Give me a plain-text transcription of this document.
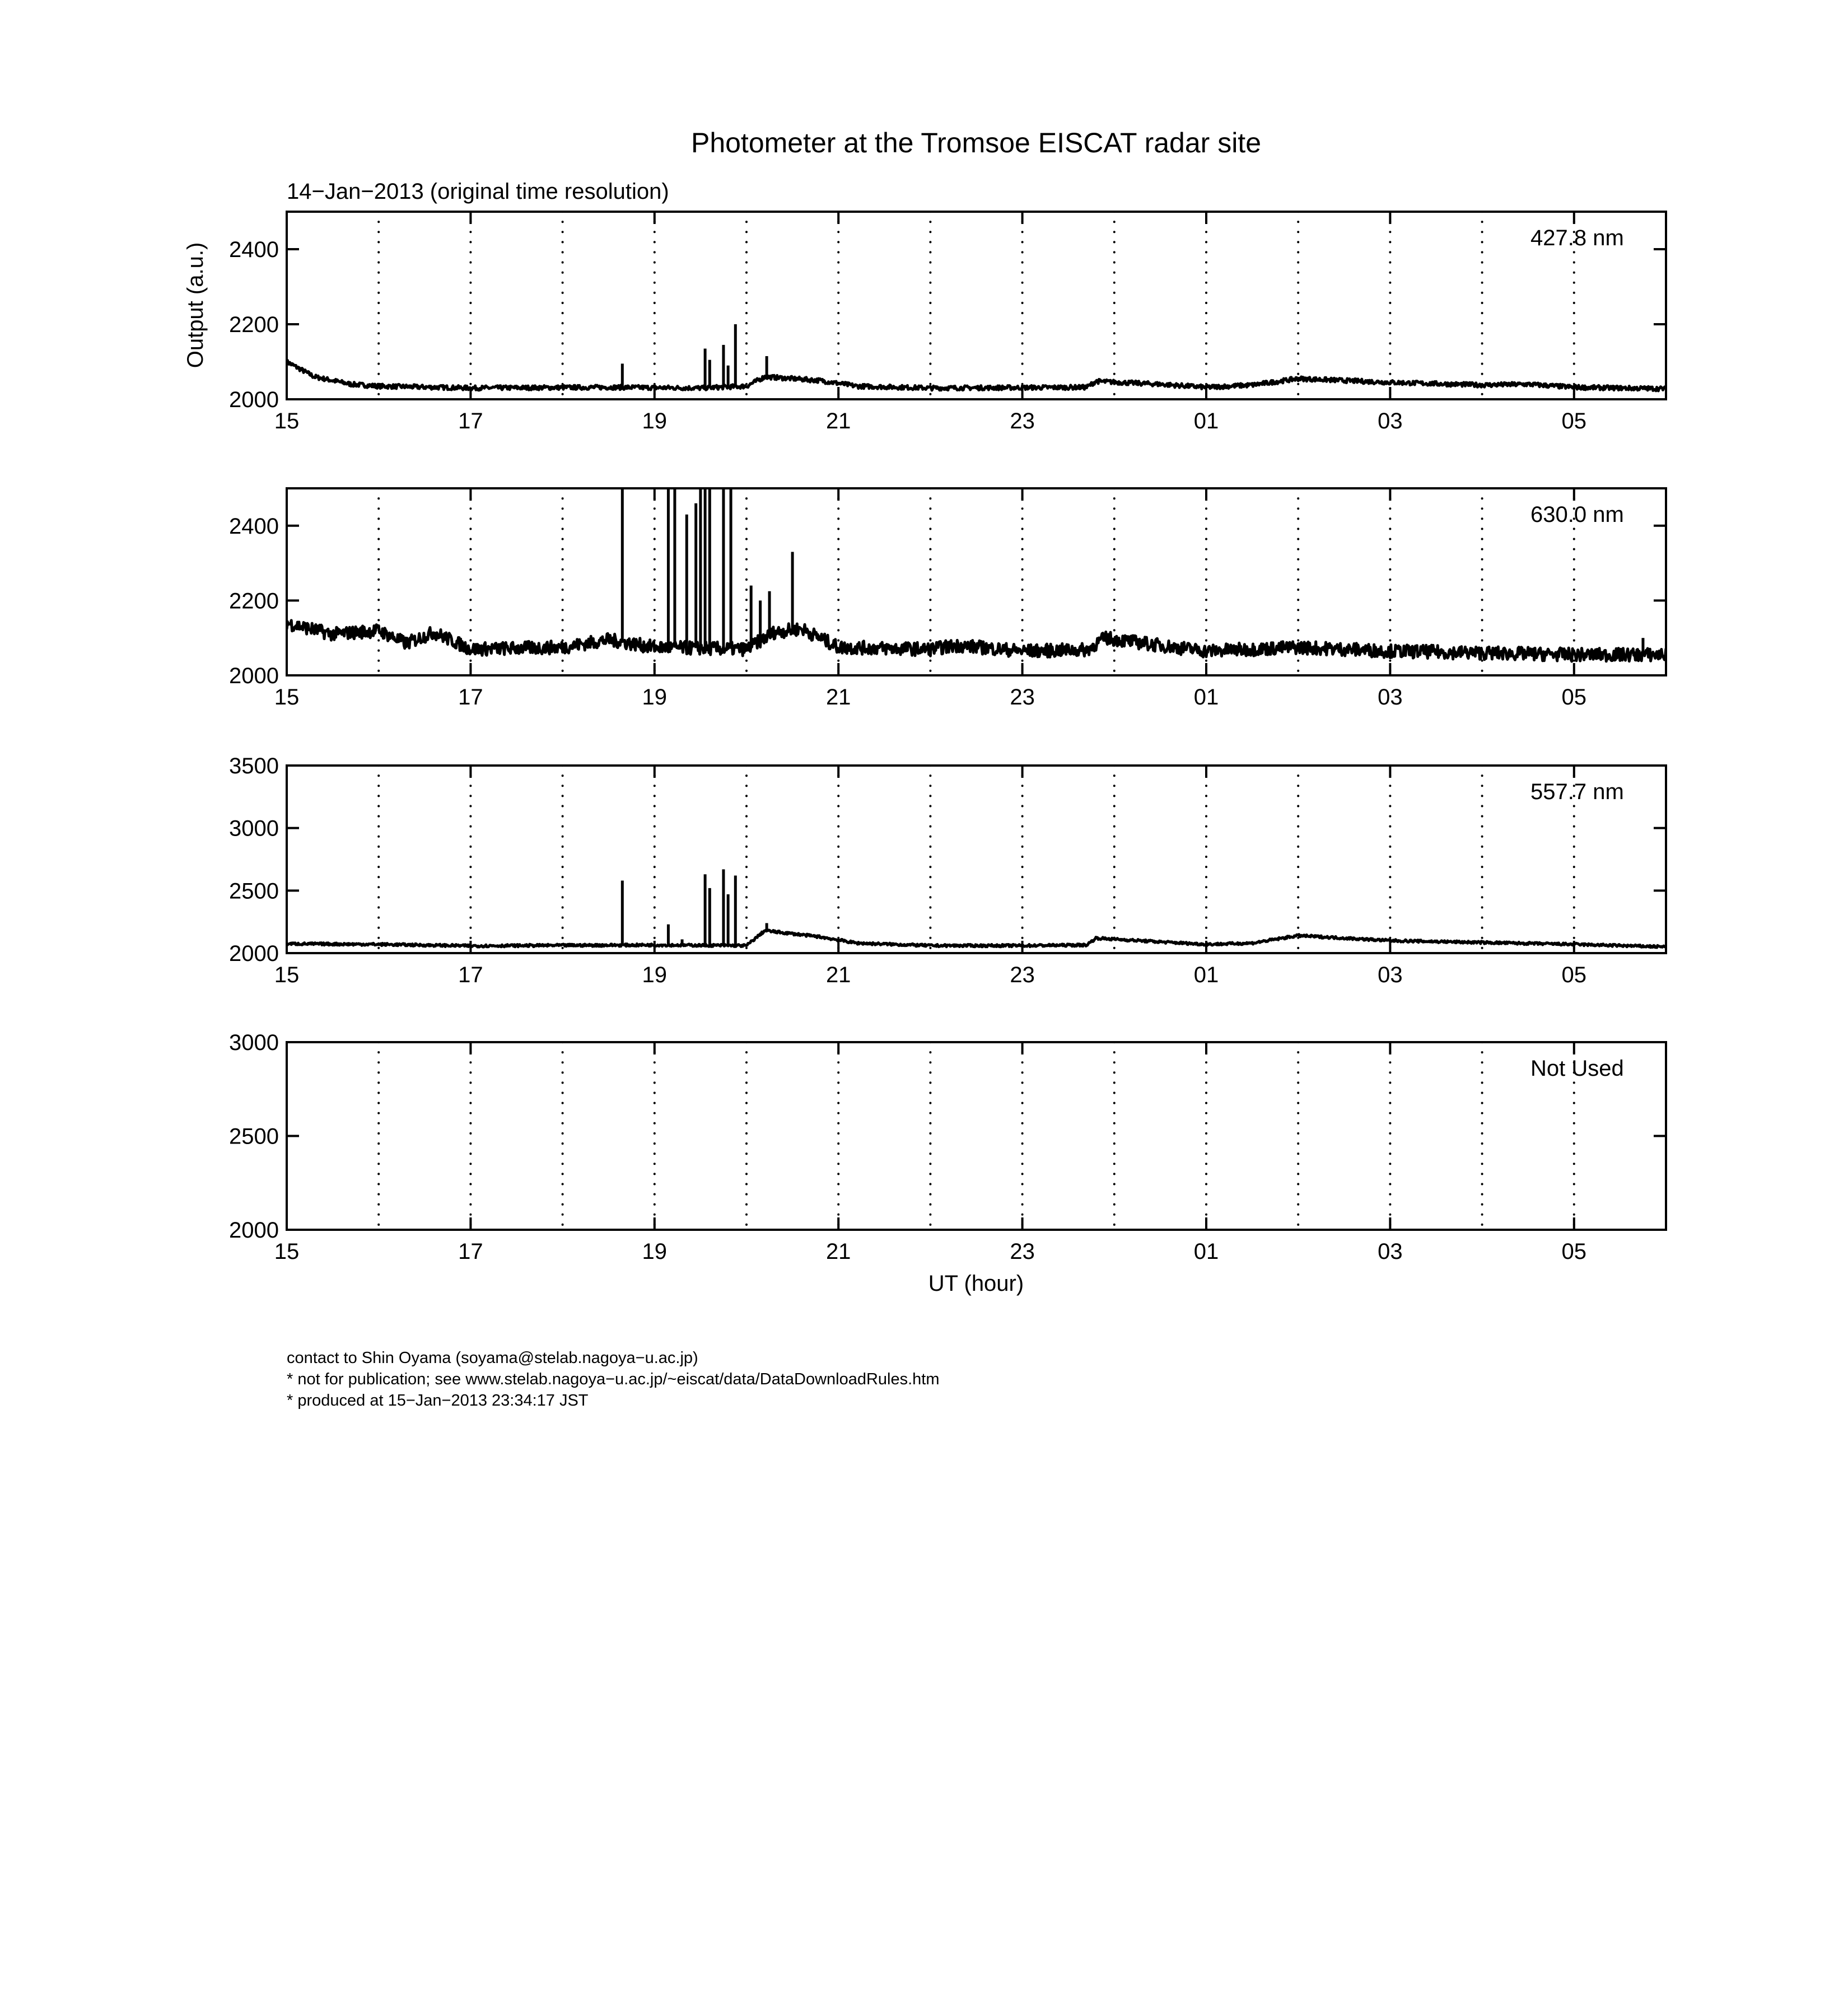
Photometer at the Tromsoe EISCAT radar site
14−Jan−2013 (original time resolution)
Output (a.u.)
UT (hour)
2000
2200
2400
15	17	19	21	23	01	03	05
427.8 nm
2000
2200
2400
15	17	19	21	23	01	03	05
630.0 nm
2000
2500
3000
3500
15	17	19	21	23	01	03	05
557.7 nm
2000
2500
3000
15	17	19	21	23	01	03	05
Not Used
contact to Shin Oyama (soyama@stelab.nagoya−u.ac.jp)
* not for publication; see www.stelab.nagoya−u.ac.jp/~eiscat/data/DataDownloadRules.htm
* produced at 15−Jan−2013 23:34:17 JST
